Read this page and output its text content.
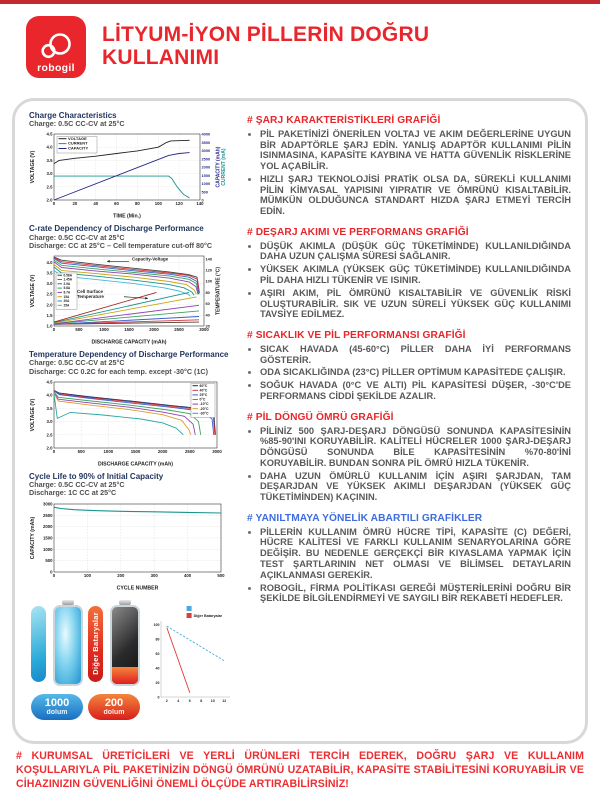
robogil
LİTYUM-İYON PİLLERİN DOĞRU KULLANIMI
Charge Characteristics
Charge: 0.5C CC-CV at 25°C
0	20	40	60	80	100	120	140
2.0
2.5
3.0
3.5
4.0
4.5
0
500
1000
1500
2000
2500
3000
3500
4000
TIME (Min.)
VOLTAGE (V)	CAPACITY (mAh) CURRENT (mA)
VOLTAGE
CURRENT
CAPACITY
C-rate Dependency of Discharge Performance
Charge: 0.5C CC-CV at 25°C
Discharge: CC at 25°C – Cell temperature cut-off 80°C
0	500	1000	1500	2000	2500	3000
1.0
1.5
2.0
2.5
3.0
3.5
4.0
20
40
60
80
100
120
140
DISCHARGE CAPACITY (mAh)
VOLTAGE (V)	TEMPERATURE (°C)
0.58A
1.45A
2.9A
5.8A
8.7A
15A
20A
25A
Capacity-Voltage
Cell Surface
Temperature
Temperature Dependency of Discharge Performance
Charge: 0.5C CC-CV at 25°C
Discharge: CC 0.2C for each temp. except -30°C (1C)
0	500	1000	1500	2000	2500	3000
2.0
2.5
3.0
3.5
4.0
4.5
DISCHARGE CAPACITY (mAh)
VOLTAGE (V)
60°C
40°C
25°C
0°C
-10°C
-20°C
-30°C
Cycle Life to 90% of Initial Capacity
Charge: 0.5C CC-CV at 25°C
Discharge: 1C CC at 25°C
0	100	200	300	400	500
0
500
1000
1500
2000
2500
3000
CYCLE NUMBER
CAPACITY (mAh)
Diğer Bataryalar
1000
dolum
200
dolum
2	4	6	8 10 12
0
20
40
60
80
100
Diğer Bataryalar
# ŞARJ KARAKTERİSTİKLERİ GRAFİĞİ
• PİL PAKETİNİZİ ÖNERİLEN VOLTAJ VE AKIM DEĞERLERİNE UYGUN BİR ADAPTÖRLE ŞARJ EDİN. YANLIŞ ADAPTÖR KULLANIMI PİLİN ISINMASINA, KAPASİTE KAYBINA VE HATTA GÜVENLİK RİSKLERİNE YOL AÇABİLİR.
• HIZLI ŞARJ TEKNOLOJİSİ PRATİK OLSA DA, SÜREKLİ KULLANIMI PİLİN KİMYASAL YAPISINI YIPRATIR VE ÖMRÜNÜ KISALTABİLİR. MÜMKÜN OLDUĞUNCA STANDART HIZDA ŞARJ ETMEYİ TERCİH EDİN.
# DEŞARJ AKIMI VE PERFORMANS GRAFİĞİ
• DÜŞÜK AKIMLA (DÜŞÜK GÜÇ TÜKETİMİNDE) KULLANILDIĞINDA DAHA UZUN ÇALIŞMA SÜRESİ SAĞLANIR.
• YÜKSEK AKIMLA (YÜKSEK GÜÇ TÜKETİMİNDE) KULLANILDIĞINDA PİL DAHA HIZLI TÜKENİR VE ISINIR.
• AŞIRI AKIM, PİL ÖMRÜNÜ KISALTABİLİR VE GÜVENLİK RİSKİ OLUŞTURABİLİR. SIK VE UZUN SÜRELİ YÜKSEK GÜÇ KULLANIMI TAVSİYE EDİLMEZ.
# SICAKLIK VE PİL PERFORMANSI GRAFİĞİ
• SICAK HAVADA (45-60°C) PİLLER DAHA İYİ PERFORMANS GÖSTERİR.
• ODA SICAKLIĞINDA (23°C) PİLLER OPTİMUM KAPASİTEDE ÇALIŞIR.
• SOĞUK HAVADA (0°C VE ALTI) PİL KAPASİTESİ DÜŞER, -30°C'DE PERFORMANS CİDDİ ŞEKİLDE AZALIR.
# PİL DÖNGÜ ÖMRÜ GRAFİĞİ
• PİLİNİZ 500 ŞARJ-DEŞARJ DÖNGÜSÜ SONUNDA KAPASİTESİNİN %85-90'INI KORUYABİLİR. KALİTELİ HÜCRELER 1000 ŞARJ-DEŞARJ DÖNGÜSÜ SONUNDA BİLE KAPASİTESİNİN %70-80'İNİ KORUYABİLİR. BUNDAN SONRA PİL ÖMRÜ HIZLA TÜKENİR.
• DAHA UZUN ÖMÜRLÜ KULLANIM İÇİN AŞIRI ŞARJDAN, TAM DEŞARJDAN VE YÜKSEK AKIMLI DEŞARJDAN (YÜKSEK GÜÇ TÜKETİMİNDEN) KAÇININ.
# YANILTMAYA YÖNELİK ABARTILI GRAFİKLER
• PİLLERİN KULLANIM ÖMRÜ HÜCRE TİPİ, KAPASİTE (C) DEĞERİ, HÜCRE KALİTESİ VE FARKLI KULLANIM SENARYOLARINA GÖRE DEĞİŞİR. BU NEDENLE GERÇEKÇİ BİR KIYASLAMA YAPMAK İÇİN TEST ŞARTLARININ NET OLMASI VE BİLİMSEL DETAYLARIN AÇIKLANMASI GEREKİR.
• ROBOGİL, FİRMA POLİTİKASI GEREĞİ MÜŞTERİLERİNİ DOĞRU BİR ŞEKİLDE BİLGİLENDİRMEYİ VE SAYGILI BİR REKABETİ HEDEFLER.
# KURUMSAL ÜRETİCİLERİ VE YERLİ ÜRÜNLERİ TERCİH EDEREK, DOĞRU ŞARJ VE KULLANIM KOŞULLARIYLA PİL PAKETİNİZİN DÖNGÜ ÖMRÜNÜ UZATABİLİR, KAPASİTE STABİLİTESİNİ KORUYABİLİR VE CİHAZINIZIN GÜVENLİĞİNİ ÖNEMLİ ÖLÇÜDE ARTIRABİLİRSİNİZ!
